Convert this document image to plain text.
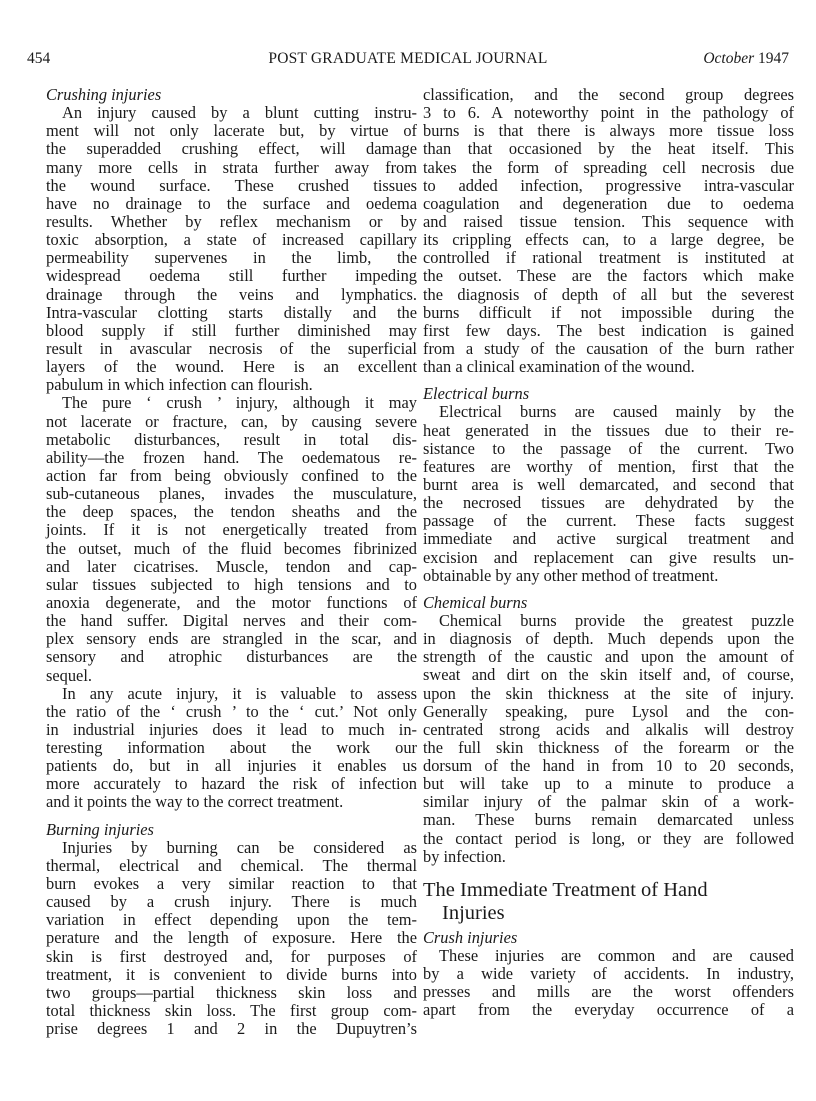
454	POST GRADUATE MEDICAL JOURNAL	October 1947
Crushing injuries
An injury caused by a blunt cutting instru-
ment will not only lacerate but, by virtue of
the superadded crushing effect, will damage
many more cells in strata further away from
the wound surface. These crushed tissues
have no drainage to the surface and oedema
results. Whether by reflex mechanism or by
toxic absorption, a state of increased capillary
permeability supervenes in the limb, the
widespread oedema still further impeding
drainage through the veins and lymphatics.
Intra-vascular clotting starts distally and the
blood supply if still further diminished may
result in avascular necrosis of the superficial
layers of the wound. Here is an excellent
pabulum in which infection can flourish.
The pure ‘ crush ’ injury, although it may
not lacerate or fracture, can, by causing severe
metabolic disturbances, result in total dis-
ability—the frozen hand. The oedematous re-
action far from being obviously confined to the
sub-cutaneous planes, invades the musculature,
the deep spaces, the tendon sheaths and the
joints. If it is not energetically treated from
the outset, much of the fluid becomes fibrinized
and later cicatrises. Muscle, tendon and cap-
sular tissues subjected to high tensions and to
anoxia degenerate, and the motor functions of
the hand suffer. Digital nerves and their com-
plex sensory ends are strangled in the scar, and
sensory and atrophic disturbances are the
sequel.
In any acute injury, it is valuable to assess
the ratio of the ‘ crush ’ to the ‘ cut.’ Not only
in industrial injuries does it lead to much in-
teresting information about the work our
patients do, but in all injuries it enables us
more accurately to hazard the risk of infection
and it points the way to the correct treatment.
Burning injuries
Injuries by burning can be considered as
thermal, electrical and chemical. The thermal
burn evokes a very similar reaction to that
caused by a crush injury. There is much
variation in effect depending upon the tem-
perature and the length of exposure. Here the
skin is first destroyed and, for purposes of
treatment, it is convenient to divide burns into
two groups—partial thickness skin loss and
total thickness skin loss. The first group com-
prise degrees 1 and 2 in the Dupuytren’s
classification, and the second group degrees
3 to 6. A noteworthy point in the pathology of
burns is that there is always more tissue loss
than that occasioned by the heat itself. This
takes the form of spreading cell necrosis due
to added infection, progressive intra-vascular
coagulation and degeneration due to oedema
and raised tissue tension. This sequence with
its crippling effects can, to a large degree, be
controlled if rational treatment is instituted at
the outset. These are the factors which make
the diagnosis of depth of all but the severest
burns difficult if not impossible during the
first few days. The best indication is gained
from a study of the causation of the burn rather
than a clinical examination of the wound.
Electrical burns
Electrical burns are caused mainly by the
heat generated in the tissues due to their re-
sistance to the passage of the current. Two
features are worthy of mention, first that the
burnt area is well demarcated, and second that
the necrosed tissues are dehydrated by the
passage of the current. These facts suggest
immediate and active surgical treatment and
excision and replacement can give results un-
obtainable by any other method of treatment.
Chemical burns
Chemical burns provide the greatest puzzle
in diagnosis of depth. Much depends upon the
strength of the caustic and upon the amount of
sweat and dirt on the skin itself and, of course,
upon the skin thickness at the site of injury.
Generally speaking, pure Lysol and the con-
centrated strong acids and alkalis will destroy
the full skin thickness of the forearm or the
dorsum of the hand in from 10 to 20 seconds,
but will take up to a minute to produce a
similar injury of the palmar skin of a work-
man. These burns remain demarcated unless
the contact period is long, or they are followed
by infection.
The Immediate Treatment of Hand
Injuries
Crush injuries
These injuries are common and are caused
by a wide variety of accidents. In industry,
presses and mills are the worst offenders
apart from the everyday occurrence of a
